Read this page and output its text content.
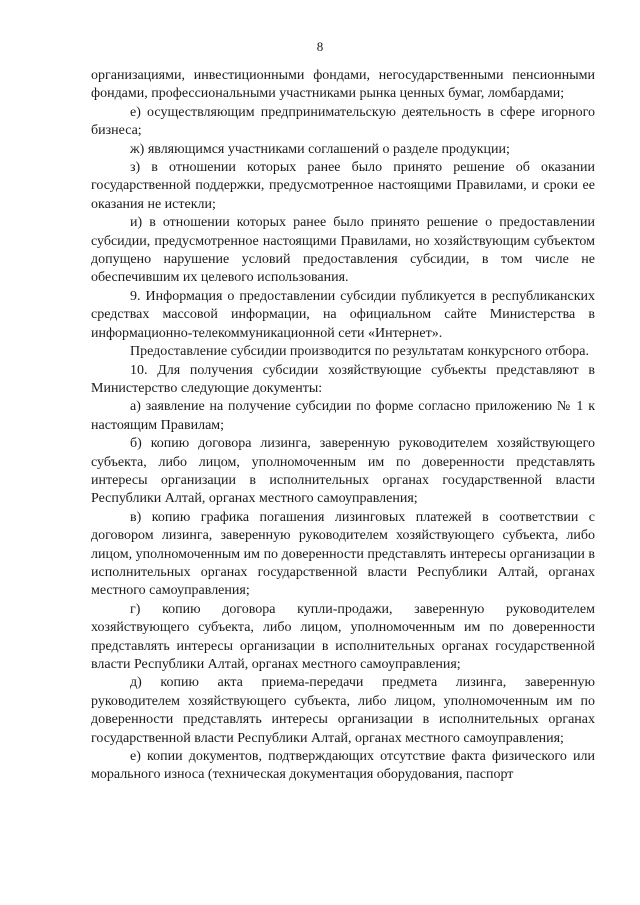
8

организациями, инвестиционными фондами, негосударственными пенсионными фондами, профессиональными участниками рынка ценных бумаг, ломбардами;

е) осуществляющим предпринимательскую деятельность в сфере игорного бизнеса;

ж) являющимся участниками соглашений о разделе продукции;

з) в отношении которых ранее было принято решение об оказании государственной поддержки, предусмотренное настоящими Правилами, и сроки ее оказания не истекли;

и) в отношении которых ранее было принято решение о предоставлении субсидии, предусмотренное настоящими Правилами, но хозяйствующим субъектом допущено нарушение условий предоставления субсидии, в том числе не обеспечившим их целевого использования.

9. Информация о предоставлении субсидии публикуется в республиканских средствах массовой информации, на официальном сайте Министерства в информационно-телекоммуникационной сети «Интернет».

Предоставление субсидии производится по результатам конкурсного отбора.

10. Для получения субсидии хозяйствующие субъекты представляют в Министерство следующие документы:

а) заявление на получение субсидии по форме согласно приложению № 1 к настоящим Правилам;

б) копию договора лизинга, заверенную руководителем хозяйствующего субъекта, либо лицом, уполномоченным им по доверенности представлять интересы организации в исполнительных органах государственной власти Республики Алтай, органах местного самоуправления;

в) копию графика погашения лизинговых платежей в соответствии с договором лизинга, заверенную руководителем хозяйствующего субъекта, либо лицом, уполномоченным им по доверенности представлять интересы организации в исполнительных органах государственной власти Республики Алтай, органах местного самоуправления;

г) копию договора купли-продажи, заверенную руководителем хозяйствующего субъекта, либо лицом, уполномоченным им по доверенности представлять интересы организации в исполнительных органах государственной власти Республики Алтай, органах местного самоуправления;

д) копию акта приема-передачи предмета лизинга, заверенную руководителем хозяйствующего субъекта, либо лицом, уполномоченным им по доверенности представлять интересы организации в исполнительных органах государственной власти Республики Алтай, органах местного самоуправления;

е) копии документов, подтверждающих отсутствие факта физического или морального износа (техническая документация оборудования, паспорт
